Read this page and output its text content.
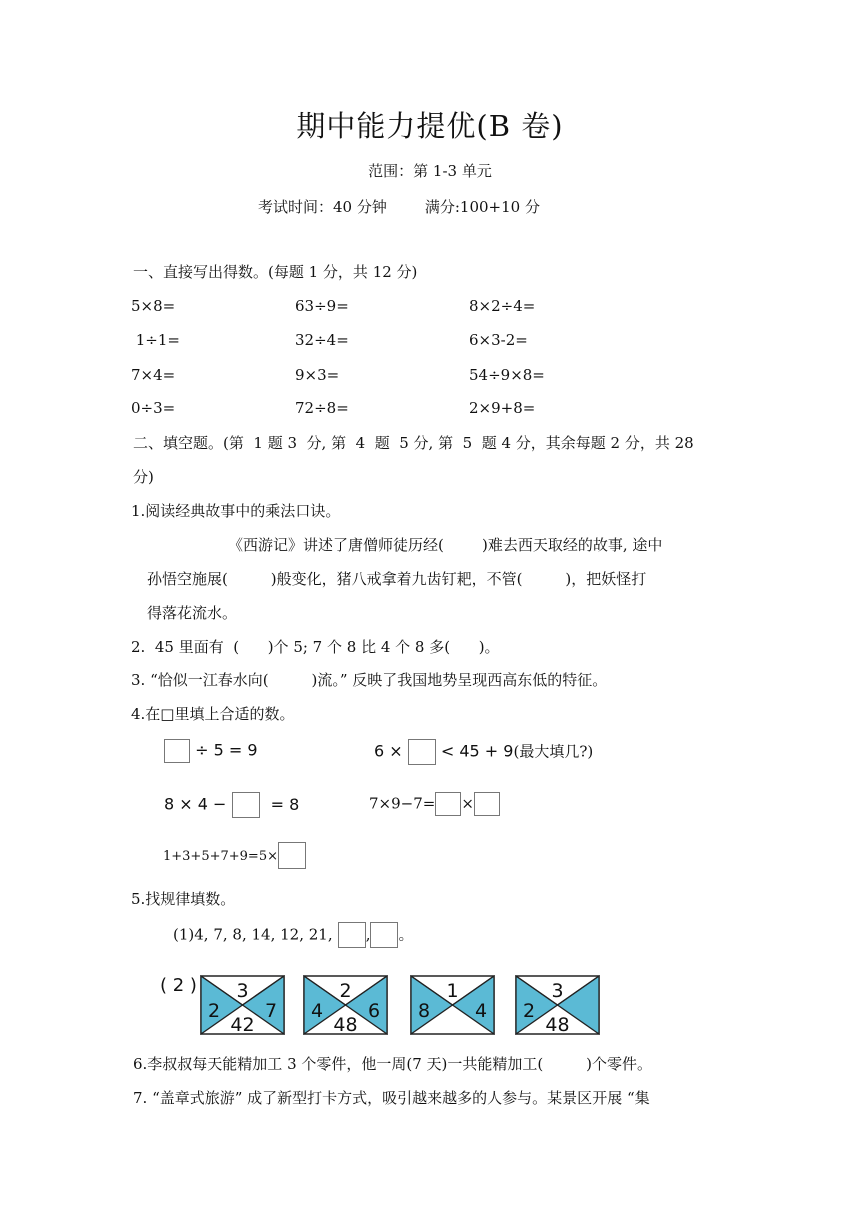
期中能力提优(B 卷)
范围：第 1-3 单元
考试时间：40 分钟	满分:100+10 分
一、直接写出得数。(每题 1 分，共 12 分)
5×8=	63÷9=	8×2÷4=
1÷1=	32÷4=	6×3-2=
7×4=	9×3=	54÷9×8=
0÷3=	72÷8=	2×9+8=
二、填空题。(第  1 题 3  分, 第  4  题  5 分, 第  5  题 4 分，其余每题 2 分，共 28
分)
1.阅读经典故事中的乘法口诀。
《西游记》讲述了唐僧师徒历经(        )难去西天取经的故事, 途中
孙悟空施展(         )般变化，猪八戒拿着九齿钉耙，不管(         )，把妖怪打
得落花流水。
2.  45 里面有  (      )个 5; 7 个 8 比 4 个 8 多(      )。
3. “恰似一江春水向(         )流。” 反映了我国地势呈现西高东低的特征。
4.在□里填上合适的数。
÷ 5 = 9	6 × < 45 + 9(最大填几?)
8 × 4 −	= 8	7×9−7= ×
1+3+5+7+9=5×
5.找规律填数。
(1)4, 7, 8, 14, 12, 21, , 。
( 2 ) 3
2 7
42
2
4 6
48
1
8 4
3
2
48
6.李叔叔每天能精加工 3 个零件，他一周(7 天)一共能精加工(         )个零件。
7. “盖章式旅游” 成了新型打卡方式，吸引越来越多的人参与。某景区开展 “集
